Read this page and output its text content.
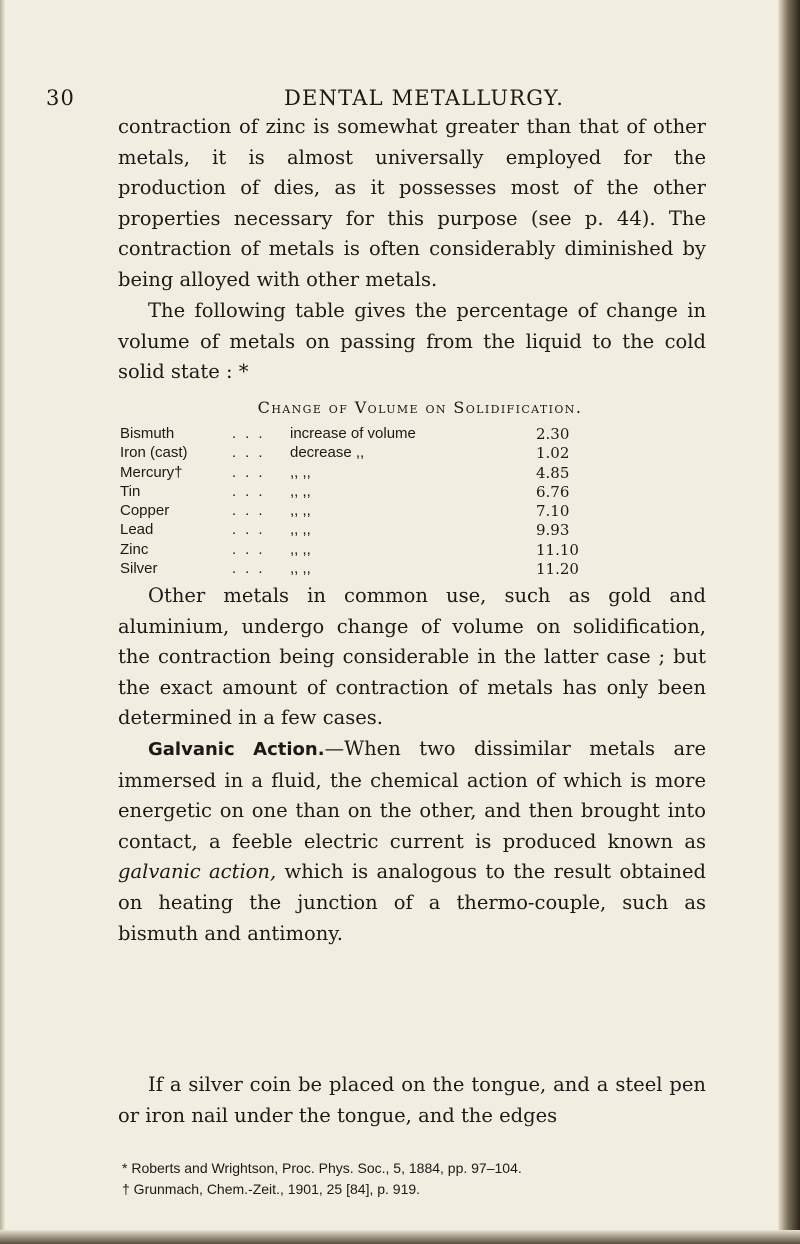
30	DENTAL METALLURGY.

contraction of zinc is somewhat greater than that of other metals, it is almost universally employed for the production of dies, as it possesses most of the other properties necessary for this purpose (see p. 44). The contraction of metals is often considerably diminished by being alloyed with other metals.

The following table gives the percentage of change in volume of metals on passing from the liquid to the cold solid state : *

Change of Volume on Solidification.
Bismuth	... increase of volume	2.30
Iron (cast)	... decrease ,,	1.02
Mercury†	... ,, ,,	4.85
Tin	... ,, ,,	6.76
Copper	... ,, ,,	7.10
Lead	... ,, ,,	9.93
Zinc	... ,, ,,	11.10
Silver	... ,, ,,	11.20

Other metals in common use, such as gold and aluminium, undergo change of volume on solidification, the contraction being considerable in the latter case ; but the exact amount of contraction of metals has only been determined in a few cases.

Galvanic Action.—When two dissimilar metals are immersed in a fluid, the chemical action of which is more energetic on one than on the other, and then brought into contact, a feeble electric current is produced known as galvanic action, which is analogous to the result obtained on heating the junction of a thermo-couple, such as bismuth and antimony.

If a silver coin be placed on the tongue, and a steel pen or iron nail under the tongue, and the edges

* Roberts and Wrightson, Proc. Phys. Soc., 5, 1884, pp. 97–104.
† Grunmach, Chem.-Zeit., 1901, 25 [84], p. 919.
